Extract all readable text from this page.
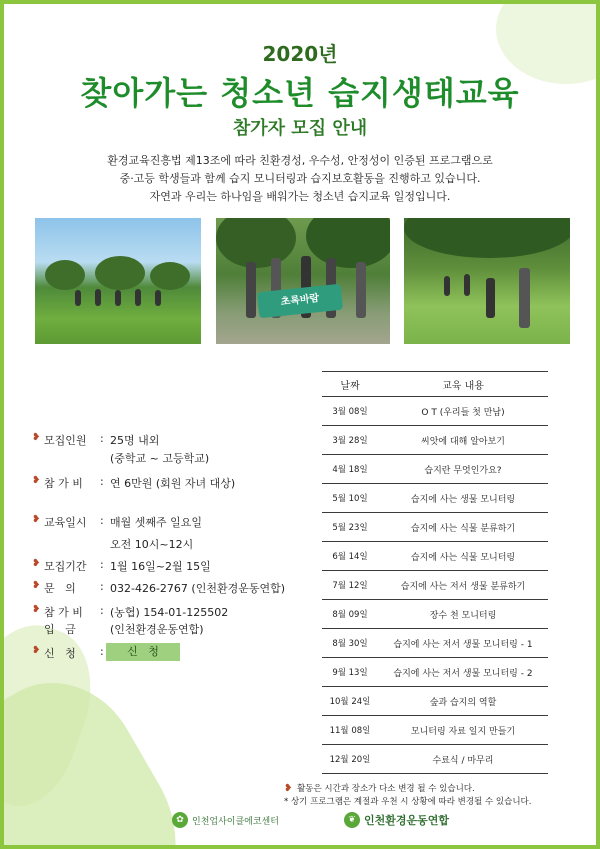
2020년
찾아가는 청소년 습지생태교육
참가자 모집 안내
환경교육진흥법 제13조에 따라 친환경성, 우수성, 안정성이 인증된 프로그램으로
중·고등 학생들과 함께 습지 모니터링과 습지보호활동을 진행하고 있습니다.
자연과 우리는 하나임을 배워가는 청소년 습지교육 일정입니다.
초록바람
❥ 모집인원	: 25명 내외
(중학교 ~ 고등학교)
❥ 참 가 비	: 연 6만원 (회원 자녀 대상)
❥ 교육일시	: 매월 셋째주 일요일
오전 10시~12시
❥ 모집기간	: 1월 16일~2월 15일
❥ 문   의	: 032-426-2767 (인천환경운동연합)
❥ 참 가 비	: (농협) 154-01-125502
입   금	(인천환경운동연합)
❥ 신   청	:	신   청
날짜	교육 내용
3월 08일	O T (우리들 첫 만남)
3월 28일	씨앗에 대해 알아보기
4월 18일	습지란 무엇인가요?
5월 10일	습지에 사는 생물 모니터링
5월 23일	습지에 사는 식물 분류하기
6월 14일	습지에 사는 식물 모니터링
7월 12일	습지에 사는 저서 생물 분류하기
8월 09일	장수 천 모니터링
8월 30일	습지에 사는 저서 생물 모니터링 - 1
9월 13일	습지에 사는 저서 생물 모니터링 - 2
10월 24일	숲과 습지의 역할
11월 08일	모니터링 자료 일지 만들기
12월 20일	수료식 / 마무리
❥ 활동은 시간과 장소가 다소 변경 될 수 있습니다.
* 상기 프로그램은 계절과 우천 시 상황에 따라 변경될 수 있습니다.
✿ 인천업사이클에코센터	❦ 인천환경운동연합
